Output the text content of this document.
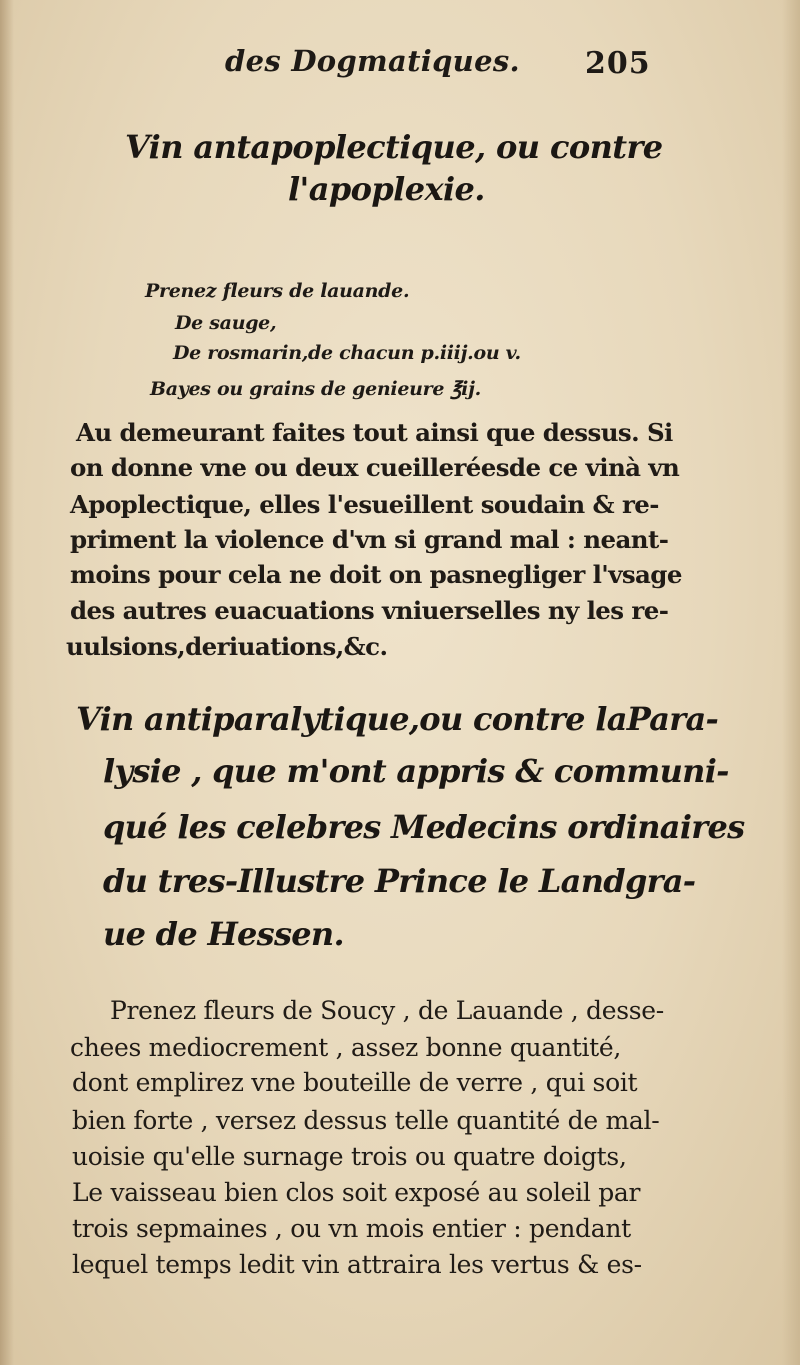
des Dogmatiques. 205
Vin antapoplectique, ou contre
l'apoplexie.
Prenez fleurs de lauande.
De sauge,
De rosmarin,de chacun p.iiij.ou v.
Bayes ou grains de genieure ℥ij.
Au demeurant faites tout ainsi que dessus. Si
on donne vne ou deux cueilleréesde ce vinà vn
Apoplectique, elles l'esueillent soudain & re-
priment la violence d'vn si grand mal : neant-
moins pour cela ne doit on pasnegliger l'vsage
des autres euacuations vniuerselles ny les re-
uulsions,deriuations,&c.
Vin antiparalytique,ou contre laPara-
lysie , que m'ont appris & communi-
qué les celebres Medecins ordinaires
du tres-Illustre Prince le Landgra-
ue de Hessen.
Prenez fleurs de Soucy , de Lauande , desse-
chees mediocrement , assez bonne quantité,
dont emplirez vne bouteille de verre , qui soit
bien forte , versez dessus telle quantité de mal-
uoisie qu'elle surnage trois ou quatre doigts,
Le vaisseau bien clos soit exposé au soleil par
trois sepmaines , ou vn mois entier : pendant
lequel temps ledit vin attraira les vertus & es-
